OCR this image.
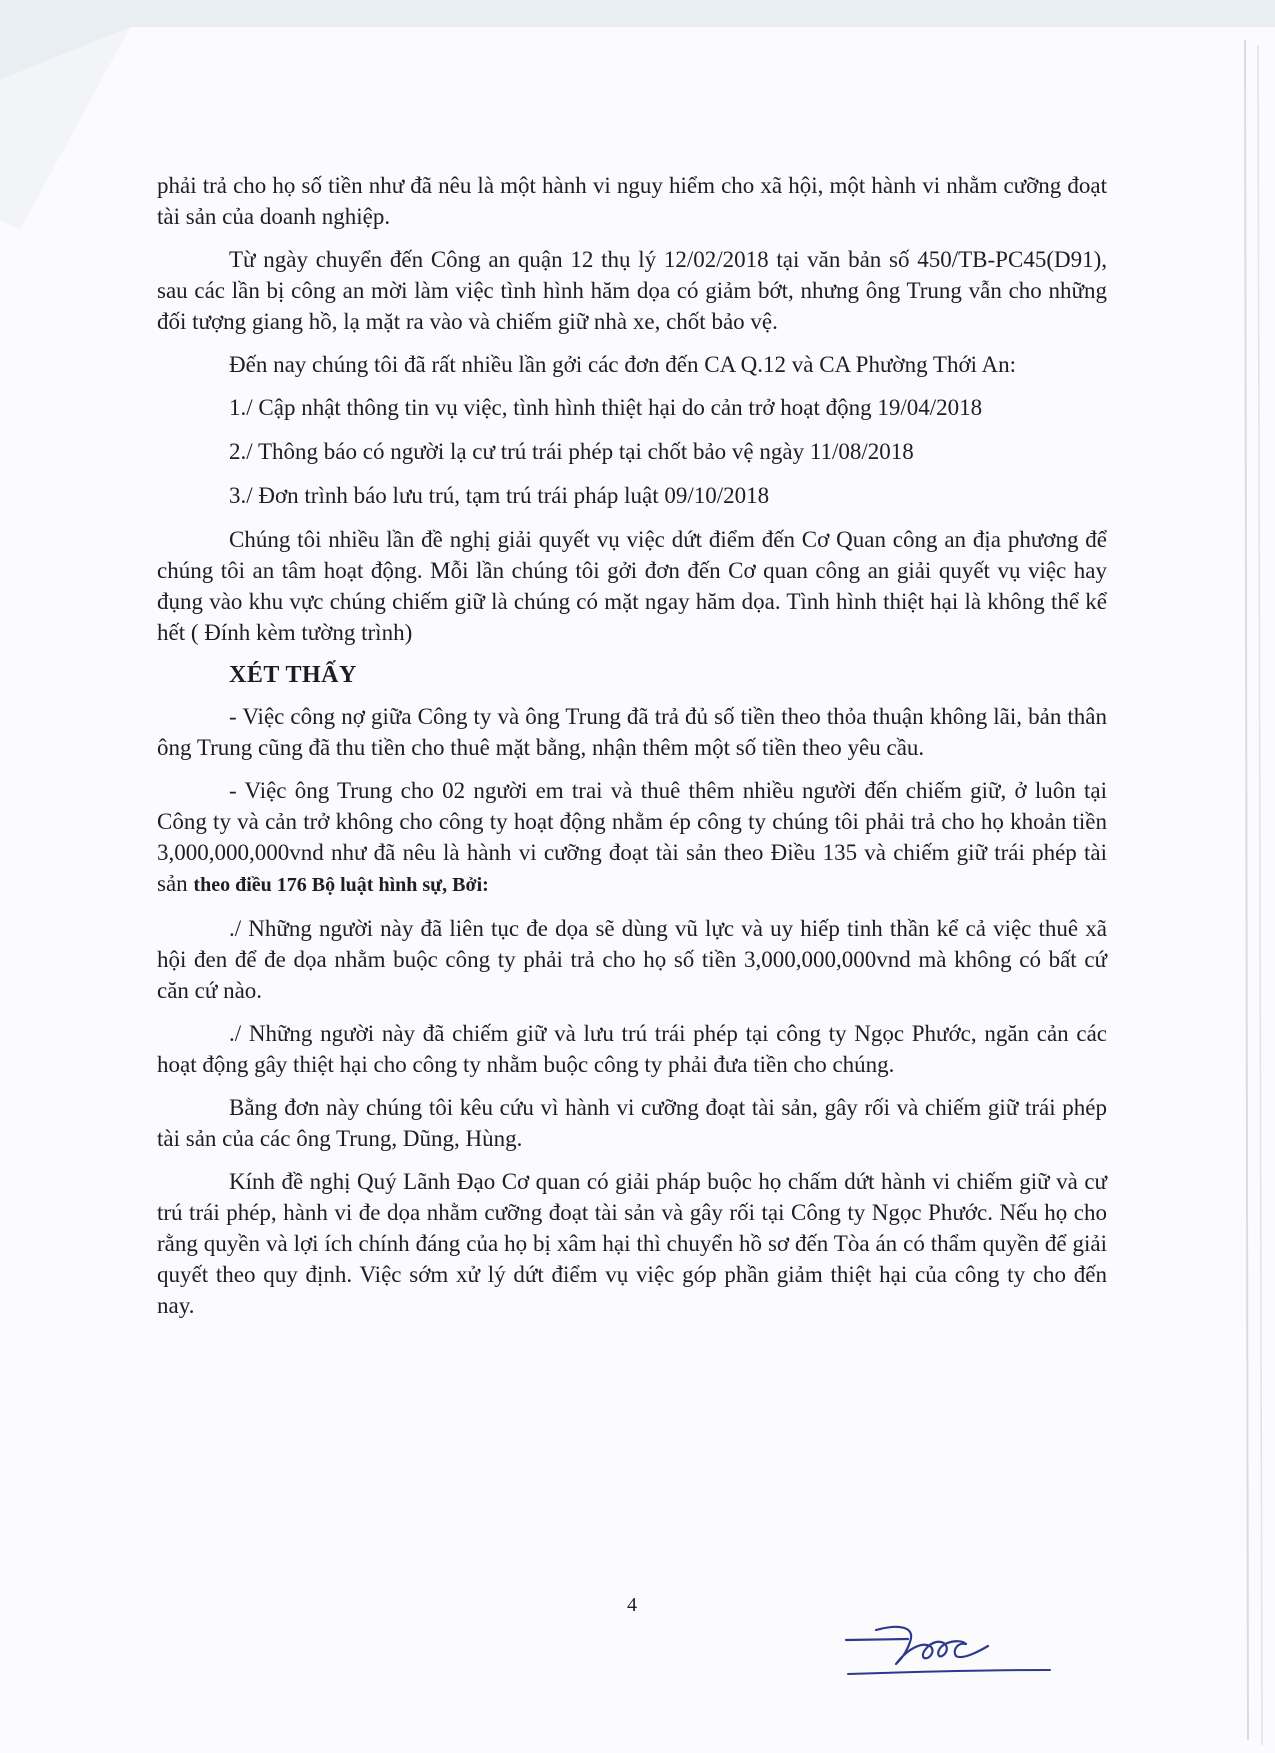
phải trả cho họ số tiền như đã nêu là một hành vi nguy hiểm cho xã hội, một hành vi nhằm cưỡng đoạt tài sản của doanh nghiệp.

Từ ngày chuyển đến Công an quận 12 thụ lý 12/02/2018 tại văn bản số 450/TB-PC45(D91), sau các lần bị công an mời làm việc tình hình hăm dọa có giảm bớt, nhưng ông Trung vẫn cho những đối tượng giang hồ, lạ mặt ra vào và chiếm giữ nhà xe, chốt bảo vệ.

Đến nay chúng tôi đã rất nhiều lần gởi các đơn đến CA Q.12 và CA Phường Thới An:

1./ Cập nhật thông tin vụ việc, tình hình thiệt hại do cản trở hoạt động 19/04/2018

2./ Thông báo có người lạ cư trú trái phép tại chốt bảo vệ ngày 11/08/2018

3./ Đơn trình báo lưu trú, tạm trú trái pháp luật 09/10/2018

Chúng tôi nhiều lần đề nghị giải quyết vụ việc dứt điểm đến Cơ Quan công an địa phương để chúng tôi an tâm hoạt động. Mỗi lần chúng tôi gởi đơn đến Cơ quan công an giải quyết vụ việc hay đụng vào khu vực chúng chiếm giữ là chúng có mặt ngay hăm dọa. Tình hình thiệt hại là không thể kể hết ( Đính kèm tường trình)

XÉT THẤY

- Việc công nợ giữa Công ty và ông Trung đã trả đủ số tiền theo thỏa thuận không lãi, bản thân ông Trung cũng đã thu tiền cho thuê mặt bằng, nhận thêm một số tiền theo yêu cầu.

- Việc ông Trung cho 02 người em trai và thuê thêm nhiều người đến chiếm giữ, ở luôn tại Công ty và cản trở không cho công ty hoạt động nhằm ép công ty chúng tôi phải trả cho họ khoản tiền 3,000,000,000vnd như đã nêu là hành vi cưỡng đoạt tài sản theo Điều 135 và chiếm giữ trái phép tài sản theo điều 176 Bộ luật hình sự, Bởi:

./ Những người này đã liên tục đe dọa sẽ dùng vũ lực và uy hiếp tinh thần kể cả việc thuê xã hội đen để đe dọa nhằm buộc công ty phải trả cho họ số tiền 3,000,000,000vnd mà không có bất cứ căn cứ nào.

./ Những người này đã chiếm giữ và lưu trú trái phép tại công ty Ngọc Phước, ngăn cản các hoạt động gây thiệt hại cho công ty nhằm buộc công ty phải đưa tiền cho chúng.

Bằng đơn này chúng tôi kêu cứu vì hành vi cưỡng đoạt tài sản, gây rối và chiếm giữ trái phép tài sản của các ông Trung, Dũng, Hùng.

Kính đề nghị Quý Lãnh Đạo Cơ quan có giải pháp buộc họ chấm dứt hành vi chiếm giữ và cư trú trái phép, hành vi đe dọa nhằm cưỡng đoạt tài sản và gây rối tại Công ty Ngọc Phước. Nếu họ cho rằng quyền và lợi ích chính đáng của họ bị xâm hại thì chuyển hồ sơ đến Tòa án có thẩm quyền để giải quyết theo quy định. Việc sớm xử lý dứt điểm vụ việc góp phần giảm thiệt hại của công ty cho đến nay.

4
